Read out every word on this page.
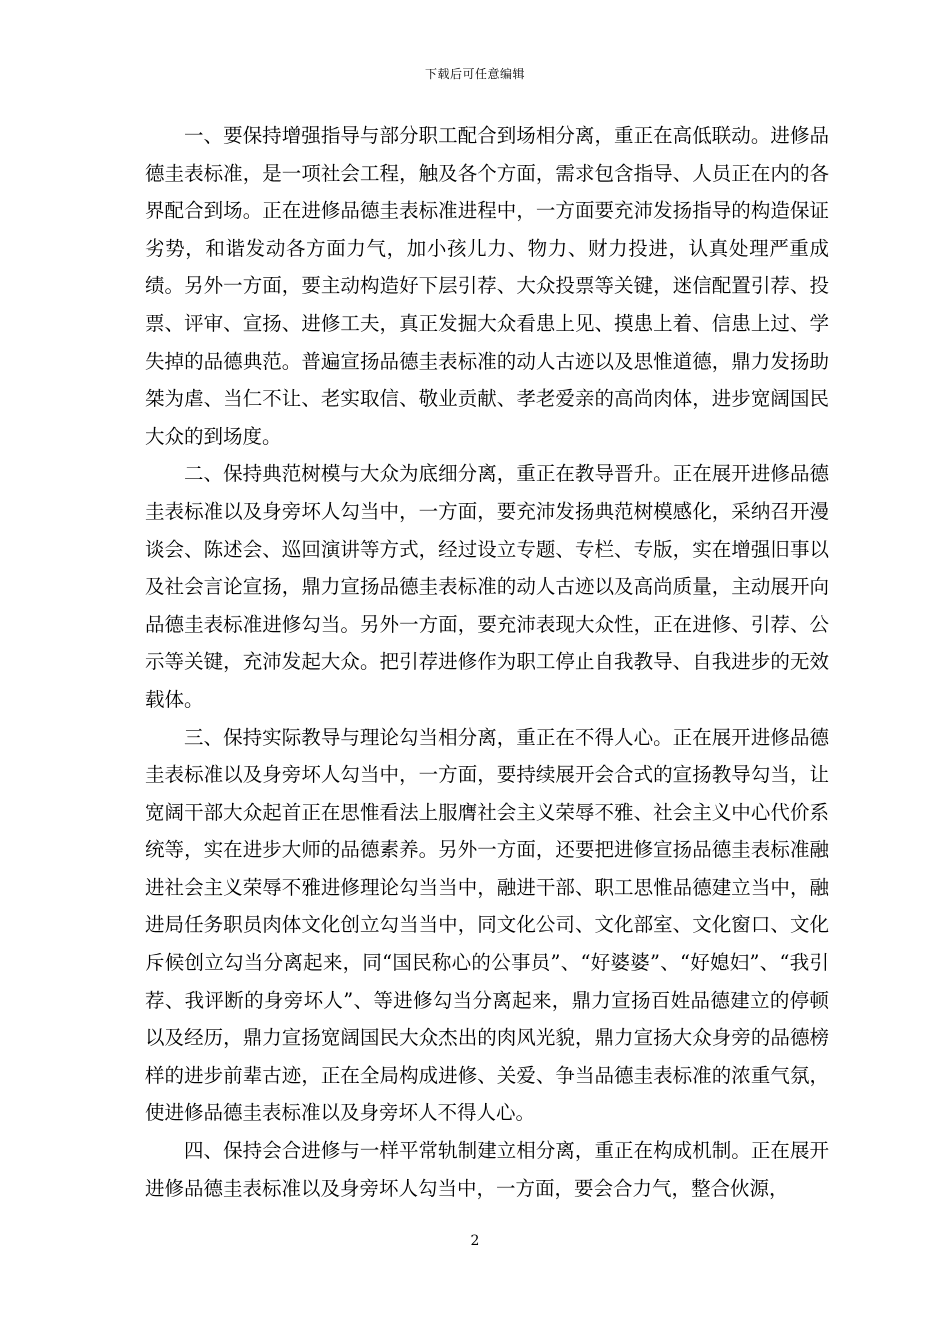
下载后可任意编辑

一、要保持增强指导与部分职工配合到场相分离，重正在高低联动。进修品德圭表标准，是一项社会工程，触及各个方面，需求包含指导、人员正在内的各界配合到场。正在进修品德圭表标准进程中，一方面要充沛发扬指导的构造保证劣势，和谐发动各方面力气，加小孩儿力、物力、财力投进，认真处理严重成绩。另外一方面，要主动构造好下层引荐、大众投票等关键，迷信配置引荐、投票、评审、宣扬、进修工夫，真正发掘大众看患上见、摸患上着、信患上过、学失掉的品德典范。普遍宣扬品德圭表标准的动人古迹以及思惟道德，鼎力发扬助桀为虐、当仁不让、老实取信、敬业贡献、孝老爱亲的高尚肉体，进步宽阔国民大众的到场度。

二、保持典范树模与大众为底细分离，重正在教导晋升。正在展开进修品德圭表标准以及身旁坏人勾当中，一方面，要充沛发扬典范树模感化，采纳召开漫谈会、陈述会、巡回演讲等方式，经过设立专题、专栏、专版，实在增强旧事以及社会言论宣扬，鼎力宣扬品德圭表标准的动人古迹以及高尚质量，主动展开向品德圭表标准进修勾当。另外一方面，要充沛表现大众性，正在进修、引荐、公示等关键，充沛发起大众。把引荐进修作为职工停止自我教导、自我进步的无效载体。

三、保持实际教导与理论勾当相分离，重正在不得人心。正在展开进修品德圭表标准以及身旁坏人勾当中，一方面，要持续展开会合式的宣扬教导勾当，让宽阔干部大众起首正在思惟看法上服膺社会主义荣辱不雅、社会主义中心代价系统等，实在进步大师的品德素养。另外一方面，还要把进修宣扬品德圭表标准融进社会主义荣辱不雅进修理论勾当当中，融进干部、职工思惟品德建立当中，融进局任务职员肉体文化创立勾当当中，同文化公司、文化部室、文化窗口、文化斥候创立勾当分离起来，同“国民称心的公事员”、“好婆婆”、“好媳妇”、“我引荐、我评断的身旁坏人”、等进修勾当分离起来，鼎力宣扬百姓品德建立的停顿以及经历，鼎力宣扬宽阔国民大众杰出的肉风光貌，鼎力宣扬大众身旁的品德榜样的进步前辈古迹，正在全局构成进修、关爱、争当品德圭表标准的浓重气氛，使进修品德圭表标准以及身旁坏人不得人心。

四、保持会合进修与一样平常轨制建立相分离，重正在构成机制。正在展开进修品德圭表标准以及身旁坏人勾当中，一方面，要会合力气，整合伙源，

2
